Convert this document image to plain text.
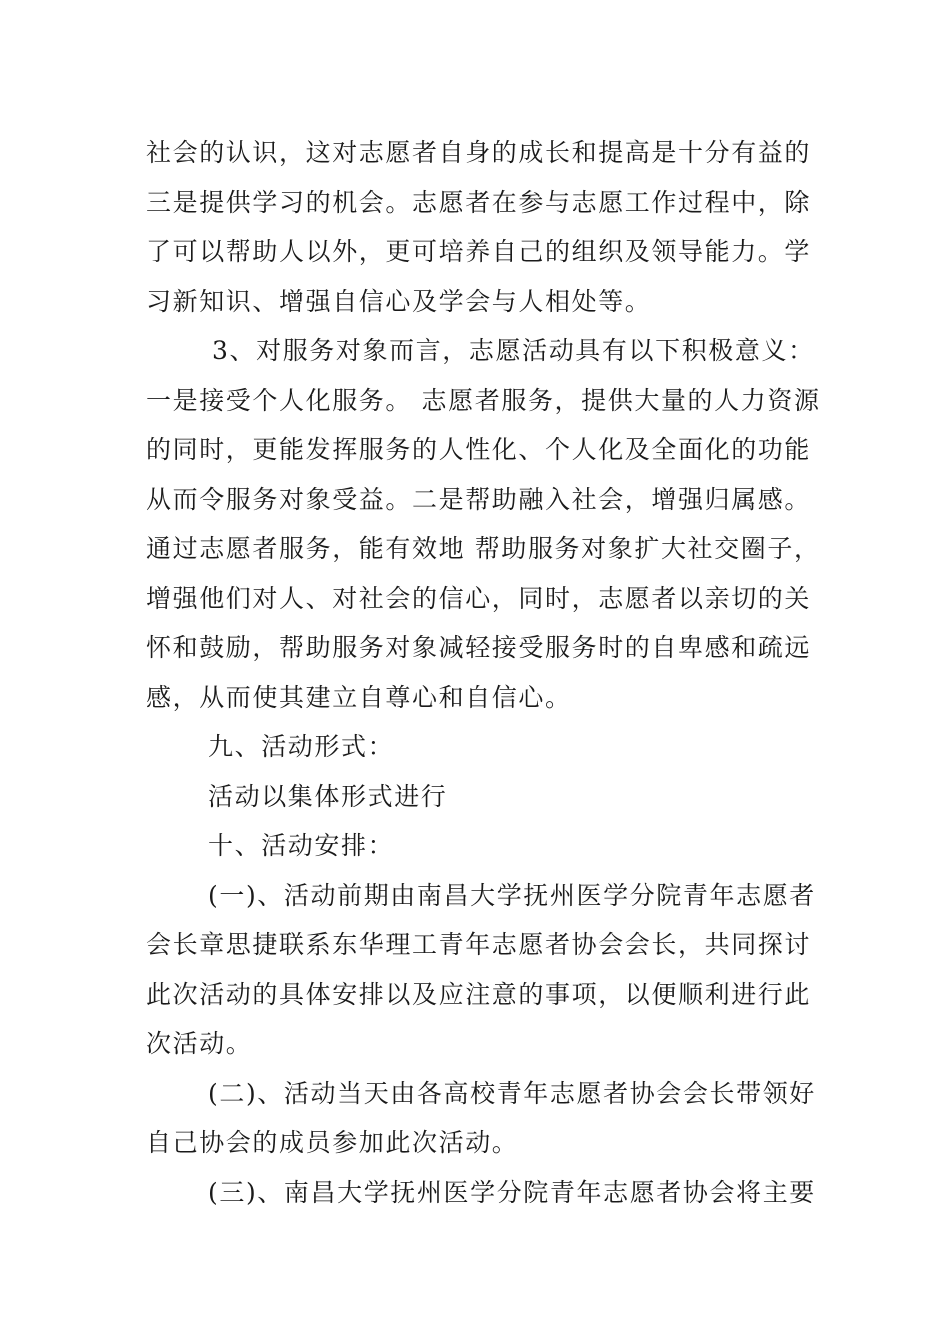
社会的认识，这对志愿者自身的成长和提高是十分有益的
三是提供学习的机会。志愿者在参与志愿工作过程中，除
了可以帮助人以外，更可培养自己的组织及领导能力。学
习新知识、增强自信心及学会与人相处等。
3、对服务对象而言，志愿活动具有以下积极意义：
一是接受个人化服务。 志愿者服务，提供大量的人力资源
的同时，更能发挥服务的人性化、个人化及全面化的功能
从而令服务对象受益。二是帮助融入社会，增强归属感。
通过志愿者服务，能有效地 帮助服务对象扩大社交圈子，
增强他们对人、对社会的信心，同时，志愿者以亲切的关
怀和鼓励，帮助服务对象减轻接受服务时的自卑感和疏远
感，从而使其建立自尊心和自信心。
九、活动形式：
活动以集体形式进行
十、活动安排：
(一)、活动前期由南昌大学抚州医学分院青年志愿者
会长章思捷联系东华理工青年志愿者协会会长，共同探讨
此次活动的具体安排以及应注意的事项，以便顺利进行此
次活动。
(二)、活动当天由各高校青年志愿者协会会长带领好
自己协会的成员参加此次活动。
(三)、南昌大学抚州医学分院青年志愿者协会将主要
